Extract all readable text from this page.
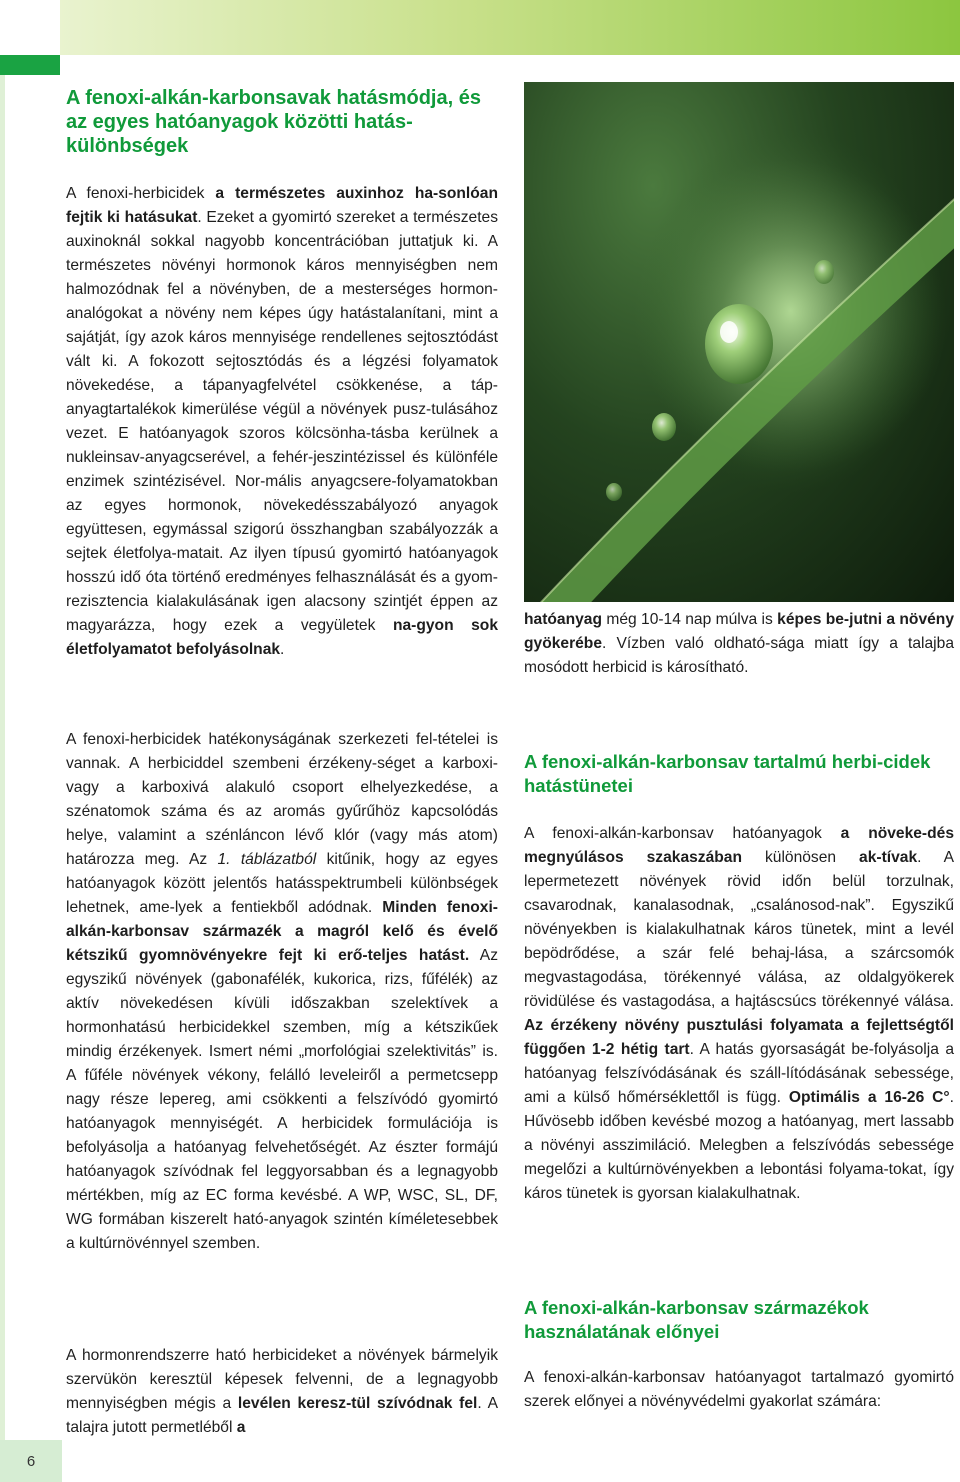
A fenoxi-alkán-karbonsavak hatásmódja, és az egyes hatóanyagok közötti hatás-különbségek

A fenoxi-herbicidek a természetes auxinhoz ha-sonlóan fejtik ki hatásukat. Ezeket a gyomirtó szereket a természetes auxinoknál sokkal nagyobb koncentrációban juttatjuk ki. A természetes növényi hormonok káros mennyiségben nem halmozódnak fel a növényben, de a mesterséges hormon-analógokat a növény nem képes úgy hatástalanítani, mint a sajátját, így azok káros mennyisége rendellenes sejtosztódást vált ki. A fokozott sejtosztódás és a légzési folyamatok növekedése, a tápanyagfelvétel csökkenése, a táp-anyagtartalékok kimerülése végül a növények pusz-tulásához vezet. E hatóanyagok szoros kölcsönha-tásba kerülnek a nukleinsav-anyagcserével, a fehér-jeszintézissel és különféle enzimek szintézisével. Nor-mális anyagcsere-folyamatokban az egyes hormonok, növekedésszabályozó anyagok együttesen, egymással szigorú összhangban szabályozzák a sejtek életfolya-matait. Az ilyen típusú gyomirtó hatóanyagok hosszú idő óta történő eredményes felhasználását és a gyom-rezisztencia kialakulásának igen alacsony szintjét éppen az magyarázza, hogy ezek a vegyületek na-gyon sok életfolyamatot befolyásolnak.

A fenoxi-herbicidek hatékonyságának szerkezeti fel-tételei is vannak. A herbiciddel szembeni érzékeny-séget a karboxi- vagy a karboxivá alakuló csoport elhelyezkedése, a szénatomok száma és az aromás gyűrűhöz kapcsolódás helye, valamint a szénláncon lévő klór (vagy más atom) határozza meg. Az 1. táblázatból kitűnik, hogy az egyes hatóanyagok között jelentős hatásspektrumbeli különbségek lehetnek, ame-lyek a fentiekből adódnak. Minden fenoxi-alkán-karbonsav származék a magról kelő és évelő kétszikű gyomnövényekre fejt ki erő-teljes hatást. Az egyszikű növények (gabonafélék, kukorica, rizs, fűfélék) az aktív növekedésen kívüli időszakban szelektívek a hormonhatású herbicidekkel szemben, míg a kétszikűek mindig érzékenyek. Ismert némi „morfológiai szelektivitás” is. A fűféle növények vékony, felálló leveleiről a permetcsepp nagy része lepereg, ami csökkenti a felszívódó gyomirtó hatóanyagok mennyiségét. A herbicidek formulációja is befolyásolja a hatóanyag felvehetőségét. Az észter formájú hatóanyagok szívódnak fel leggyorsabban és a legnagyobb mértékben, míg az EC forma kevésbé. A WP, WSC, SL, DF, WG formában kiszerelt ható-anyagok szintén kíméletesebbek a kultúrnövénnyel szemben.

A hormonrendszerre ható herbicideket a növények bármelyik szervükön keresztül képesek felvenni, de a legnagyobb mennyiségben mégis a levélen keresz-tül szívódnak fel. A talajra jutott permetléből a

hatóanyag még 10-14 nap múlva is képes be-jutni a növény gyökerébe. Vízben való oldható-sága miatt így a talajba mosódott herbicid is károsítható.

A fenoxi-alkán-karbonsav tartalmú herbi-cidek hatástünetei

A fenoxi-alkán-karbonsav hatóanyagok a növeke-dés megnyúlásos szakaszában különösen ak-tívak. A lepermetezett növények rövid időn belül torzulnak, csavarodnak, kanalasodnak, „csalánosod-nak”. Egyszikű növényekben is kialakulhatnak káros tünetek, mint a levél bepödrődése, a szár felé behaj-lása, a szárcsomók megvastagodása, törékennyé válása, az oldalgyökerek rövidülése és vastagodása, a hajtáscsúcs törékennyé válása. Az érzékeny növény pusztulási folyamata a fejlettségtől függően 1-2 hétig tart. A hatás gyorsaságát be-folyásolja a hatóanyag felszívódásának és száll-lítódásának sebessége, ami a külső hőmérséklettől is függ. Optimális a 16-26 C°. Hűvösebb időben kevésbé mozog a hatóanyag, mert lassabb a növényi asszimiláció. Melegben a felszívódás sebessége megelőzi a kultúrnövényekben a lebontási folyama-tokat, így káros tünetek is gyorsan kialakulhatnak.

A fenoxi-alkán-karbonsav származékok használatának előnyei

A fenoxi-alkán-karbonsav hatóanyagot tartalmazó gyomirtó szerek előnyei a növényvédelmi gyakorlat számára:

6
